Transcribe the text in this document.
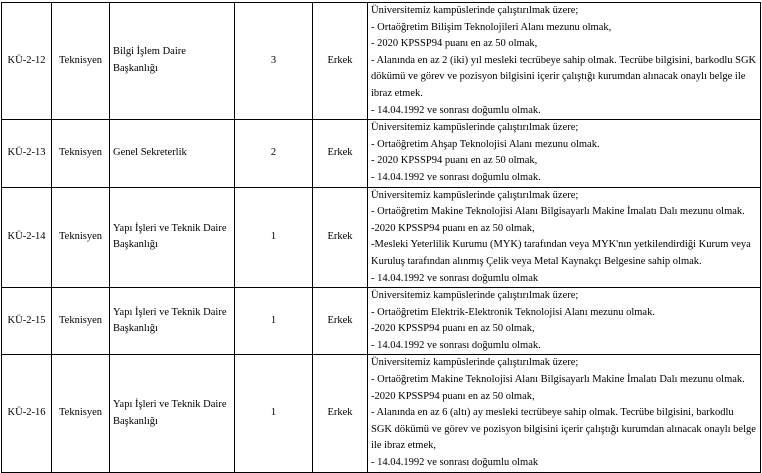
KÜ-2-12	Teknisyen	Bilgi İşlem Daire Başkanlığı	3	Erkek	Üniversitemiz kampüslerinde çalıştırılmak üzere;
- Ortaöğretim Bilişim Teknolojileri Alanı mezunu olmak,
- 2020 KPSSP94 puanı en az 50 olmak,
- Alanında en az 2 (iki) yıl mesleki tecrübeye sahip olmak. Tecrübe bilgisini, barkodlu SGK dökümü ve görev ve pozisyon bilgisini içerir çalıştığı kurumdan alınacak onaylı belge ile ibraz etmek.
- 14.04.1992 ve sonrası doğumlu olmak.

KÜ-2-13	Teknisyen	Genel Sekreterlik	2	Erkek	Üniversitemiz kampüslerinde çalıştırılmak üzere;
- Ortaöğretim Ahşap Teknolojisi Alanı mezunu olmak.
- 2020 KPSSP94 puanı en az 50 olmak,
- 14.04.1992 ve sonrası doğumlu olmak.

KÜ-2-14	Teknisyen	Yapı İşleri ve Teknik Daire Başkanlığı	1	Erkek	Üniversitemiz kampüslerinde çalıştırılmak üzere;
- Ortaöğretim Makine Teknolojisi Alanı Bilgisayarlı Makine İmalatı Dalı mezunu olmak.
-2020 KPSSP94 puanı en az 50 olmak,
-Mesleki Yeterlilik Kurumu (MYK) tarafından veya MYK'nın yetkilendirdiği Kurum veya Kuruluş tarafından alınmış Çelik veya Metal Kaynakçı Belgesine sahip olmak.
- 14.04.1992 ve sonrası doğumlu olmak

KÜ-2-15	Teknisyen	Yapı İşleri ve Teknik Daire Başkanlığı	1	Erkek	Üniversitemiz kampüslerinde çalıştırılmak üzere;
- Ortaöğretim Elektrik-Elektronik Teknolojisi Alanı mezunu olmak.
-2020 KPSSP94 puanı en az 50 olmak,
- 14.04.1992 ve sonrası doğumlu olmak.

KÜ-2-16	Teknisyen	Yapı İşleri ve Teknik Daire Başkanlığı	1	Erkek	Üniversitemiz kampüslerinde çalıştırılmak üzere;
- Ortaöğretim Makine Teknolojisi Alanı Bilgisayarlı Makine İmalatı Dalı mezunu olmak.
-2020 KPSSP94 puanı en az 50 olmak,
- Alanında en az 6 (altı) ay mesleki tecrübeye sahip olmak. Tecrübe bilgisini, barkodlu SGK dökümü ve görev ve pozisyon bilgisini içerir çalıştığı kurumdan alınacak onaylı belge ile ibraz etmek,
- 14.04.1992 ve sonrası doğumlu olmak
